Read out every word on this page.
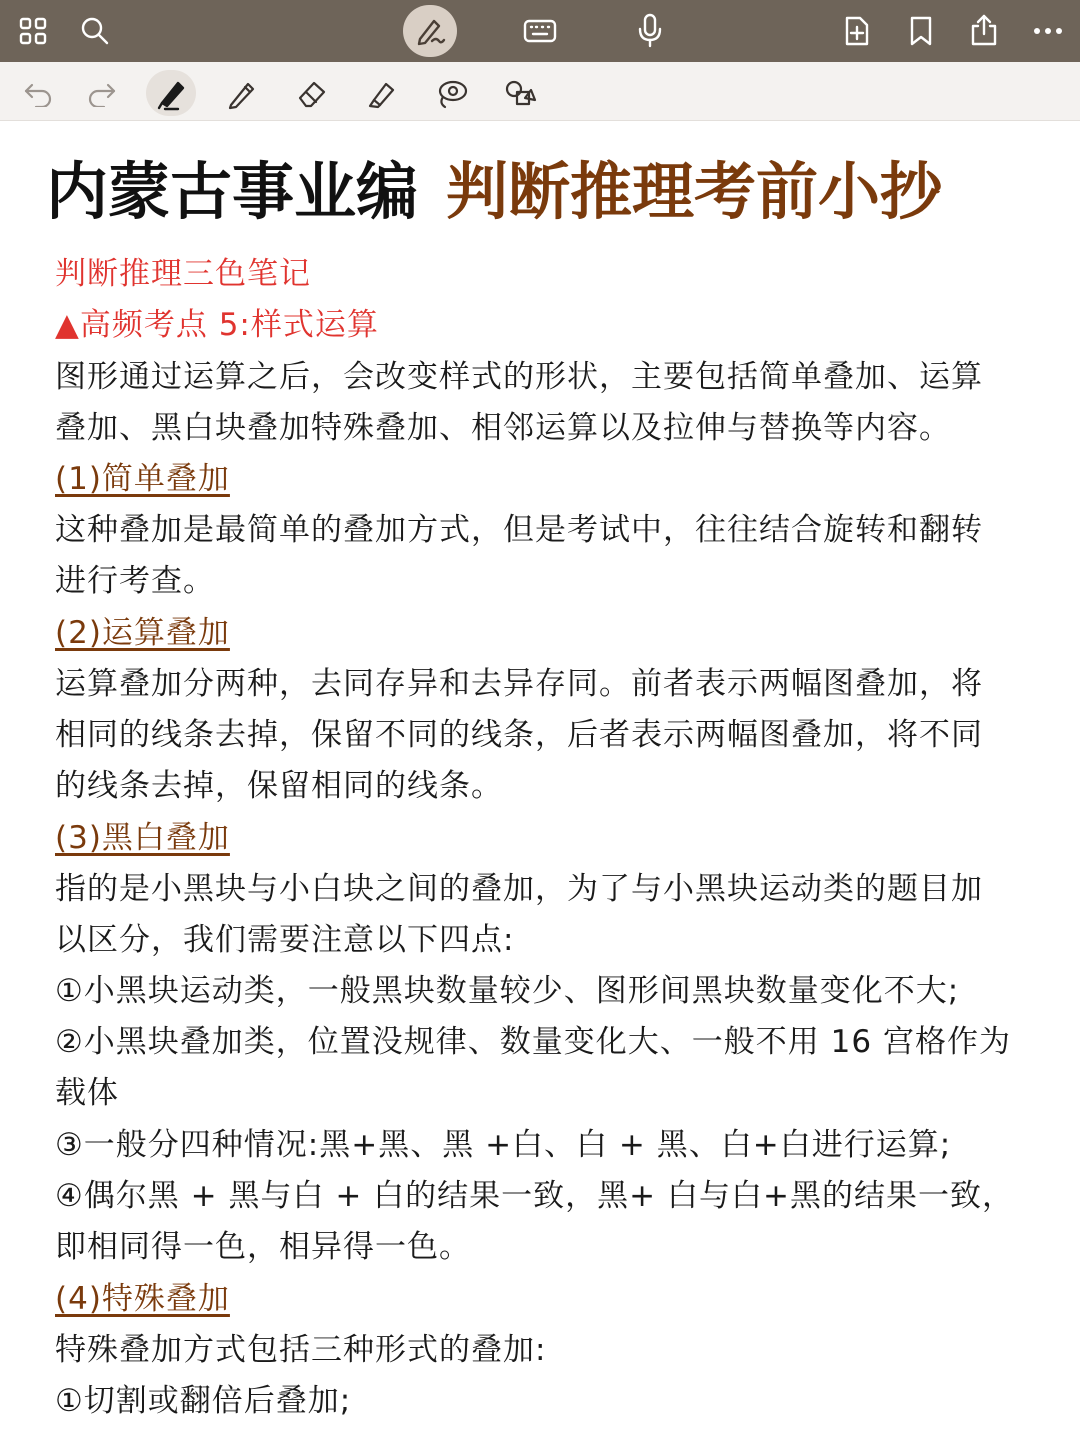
内蒙古事业编 判断推理考前小抄
判断推理三色笔记
▲高频考点 5:样式运算
图形通过运算之后，会改变样式的形状，主要包括简单叠加、运算
叠加、黑白块叠加特殊叠加、相邻运算以及拉伸与替换等内容。
(1)简单叠加
这种叠加是最简单的叠加方式，但是考试中，往往结合旋转和翻转
进行考查。
(2)运算叠加
运算叠加分两种，去同存异和去异存同。前者表示两幅图叠加，将
相同的线条去掉，保留不同的线条，后者表示两幅图叠加，将不同
的线条去掉，保留相同的线条。
(3)黑白叠加
指的是小黑块与小白块之间的叠加，为了与小黑块运动类的题目加
以区分，我们需要注意以下四点:
①小黑块运动类，一般黑块数量较少、图形间黑块数量变化不大;
②小黑块叠加类，位置没规律、数量变化大、一般不用 16 宫格作为
载体
③一般分四种情况:黑+黑、黑 +白、白 + 黑、白+白进行运算;
④偶尔黑 + 黑与白 + 白的结果一致，黑+ 白与白+黑的结果一致，
即相同得一色，相异得一色。
(4)特殊叠加
特殊叠加方式包括三种形式的叠加:
①切割或翻倍后叠加;
